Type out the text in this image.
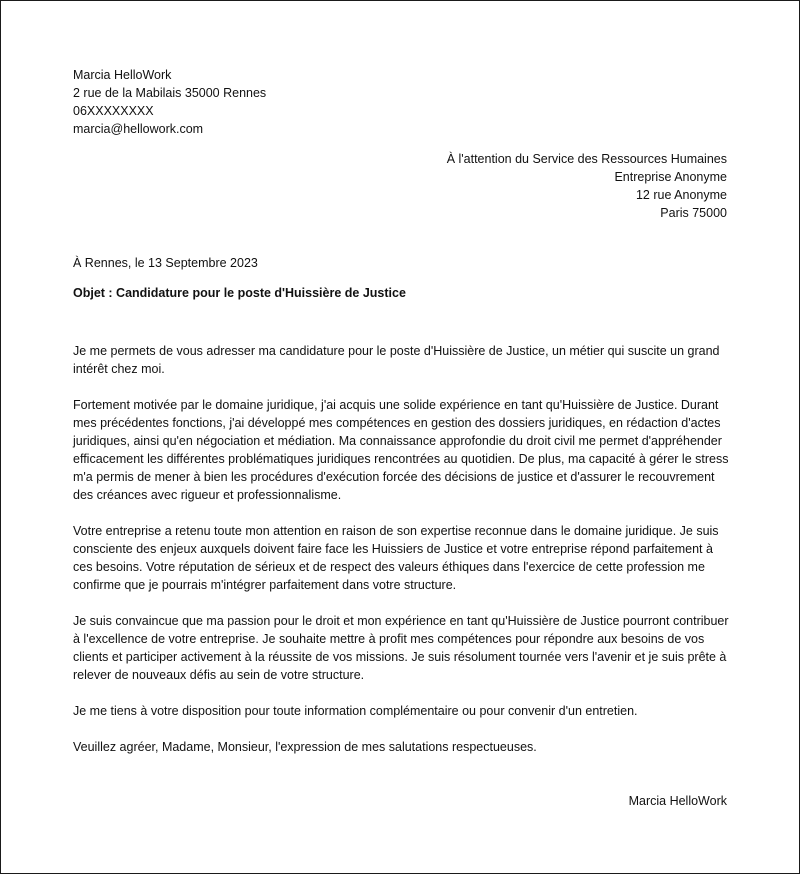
Marcia HelloWork
2 rue de la Mabilais 35000 Rennes
06XXXXXXXX
marcia@hellowork.com
À l'attention du Service des Ressources Humaines
Entreprise Anonyme
12 rue Anonyme
Paris 75000
À Rennes, le 13 Septembre 2023
Objet : Candidature pour le poste d'Huissière de Justice

Je me permets de vous adresser ma candidature pour le poste d'Huissière de Justice, un métier qui suscite un grand intérêt chez moi.

Fortement motivée par le domaine juridique, j'ai acquis une solide expérience en tant qu'Huissière de Justice. Durant mes précédentes fonctions, j'ai développé mes compétences en gestion des dossiers juridiques, en rédaction d'actes juridiques, ainsi qu'en négociation et médiation. Ma connaissance approfondie du droit civil me permet d'appréhender efficacement les différentes problématiques juridiques rencontrées au quotidien. De plus, ma capacité à gérer le stress m'a permis de mener à bien les procédures d'exécution forcée des décisions de justice et d'assurer le recouvrement des créances avec rigueur et professionnalisme.

Votre entreprise a retenu toute mon attention en raison de son expertise reconnue dans le domaine juridique. Je suis consciente des enjeux auxquels doivent faire face les Huissiers de Justice et votre entreprise répond parfaitement à ces besoins. Votre réputation de sérieux et de respect des valeurs éthiques dans l'exercice de cette profession me confirme que je pourrais m'intégrer parfaitement dans votre structure.

Je suis convaincue que ma passion pour le droit et mon expérience en tant qu'Huissière de Justice pourront contribuer à l'excellence de votre entreprise. Je souhaite mettre à profit mes compétences pour répondre aux besoins de vos clients et participer activement à la réussite de vos missions. Je suis résolument tournée vers l'avenir et je suis prête à relever de nouveaux défis au sein de votre structure.

Je me tiens à votre disposition pour toute information complémentaire ou pour convenir d'un entretien.

Veuillez agréer, Madame, Monsieur, l'expression de mes salutations respectueuses.

Marcia HelloWork
